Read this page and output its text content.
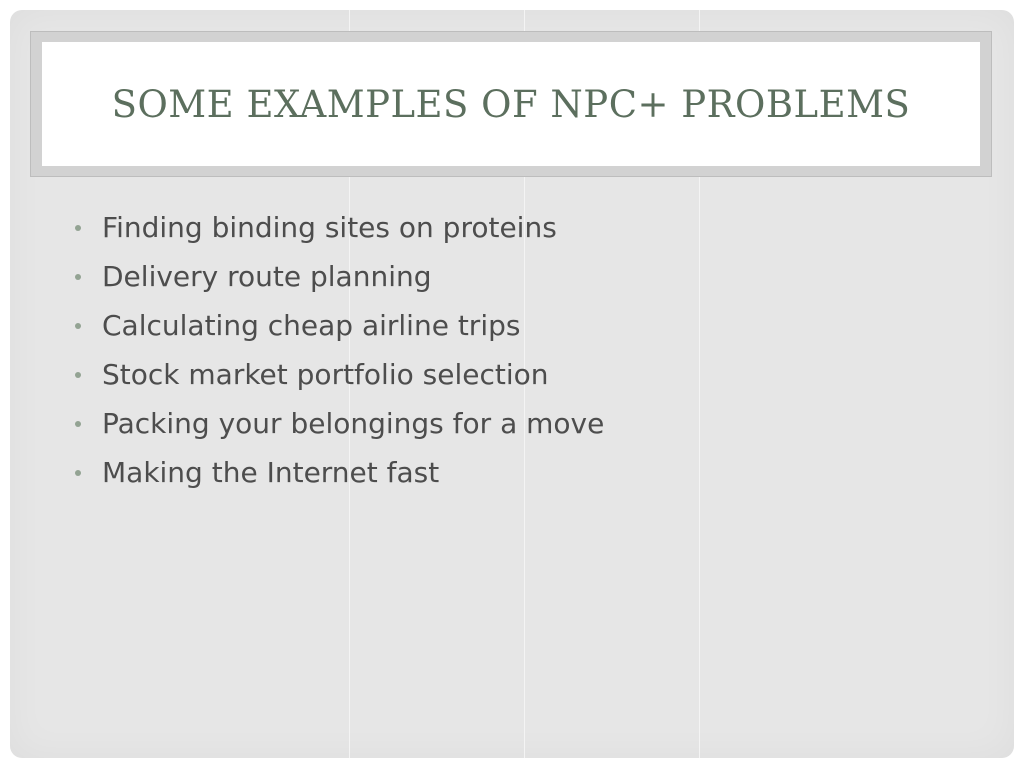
SOME EXAMPLES OF NPC+ PROBLEMS
Finding binding sites on proteins
Delivery route planning
Calculating cheap airline trips
Stock market portfolio selection
Packing your belongings for a move
Making the Internet fast
